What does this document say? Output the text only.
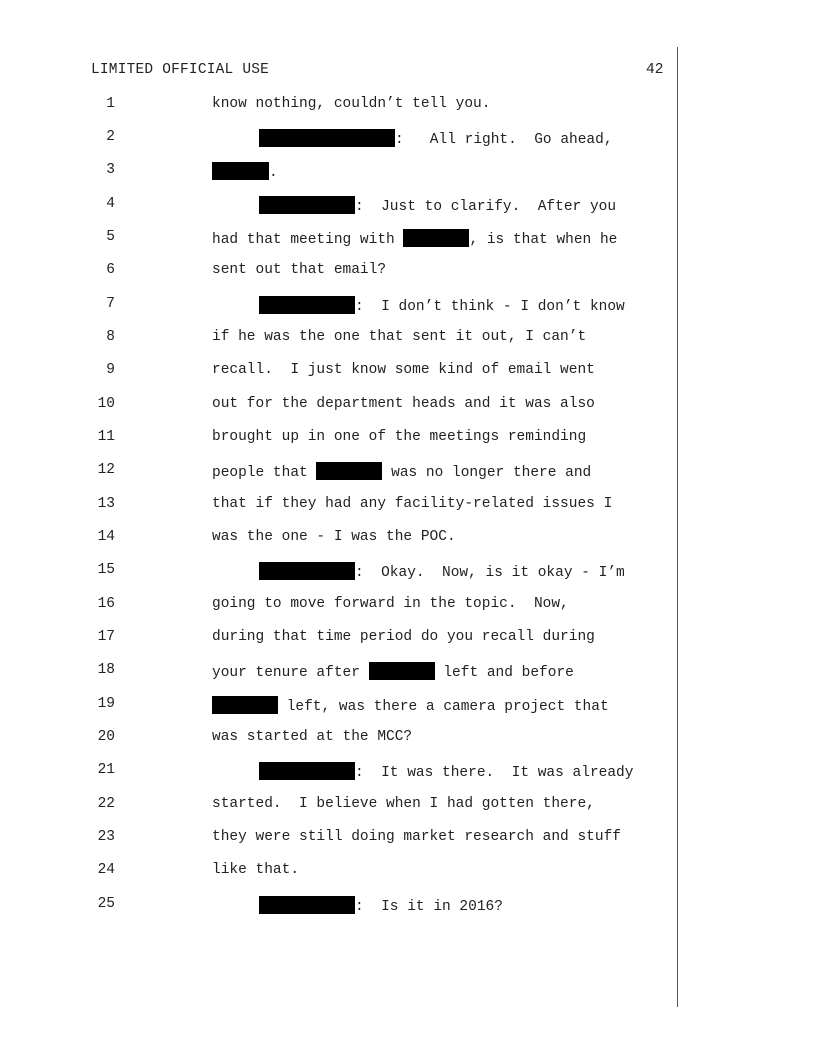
LIMITED OFFICIAL USE	42

1

	know nothing, couldn’t tell you.

2

	:   All right.  Go ahead,

3

	.

4

	:  Just to clarify.  After you

5

	had that meeting with	, is that when he

6

	sent out that email?

7

	:  I don’t think - I don’t know

8

	if he was the one that sent it out, I can’t

9

	recall.  I just know some kind of email went

10

	out for the department heads and it was also

11

	brought up in one of the meetings reminding

12

	people that	was no longer there and

13

	that if they had any facility-related issues I

14

	was the one - I was the POC.

15

	:  Okay.  Now, is it okay - I’m

16

	going to move forward in the topic.  Now,

17

	during that time period do you recall during

18

	your tenure after	left and before

19

	left, was there a camera project that

20

	was started at the MCC?

21

	:  It was there.  It was already

22

	started.  I believe when I had gotten there,

23

	they were still doing market research and stuff

24

	like that.

25

	:  Is it in 2016?
